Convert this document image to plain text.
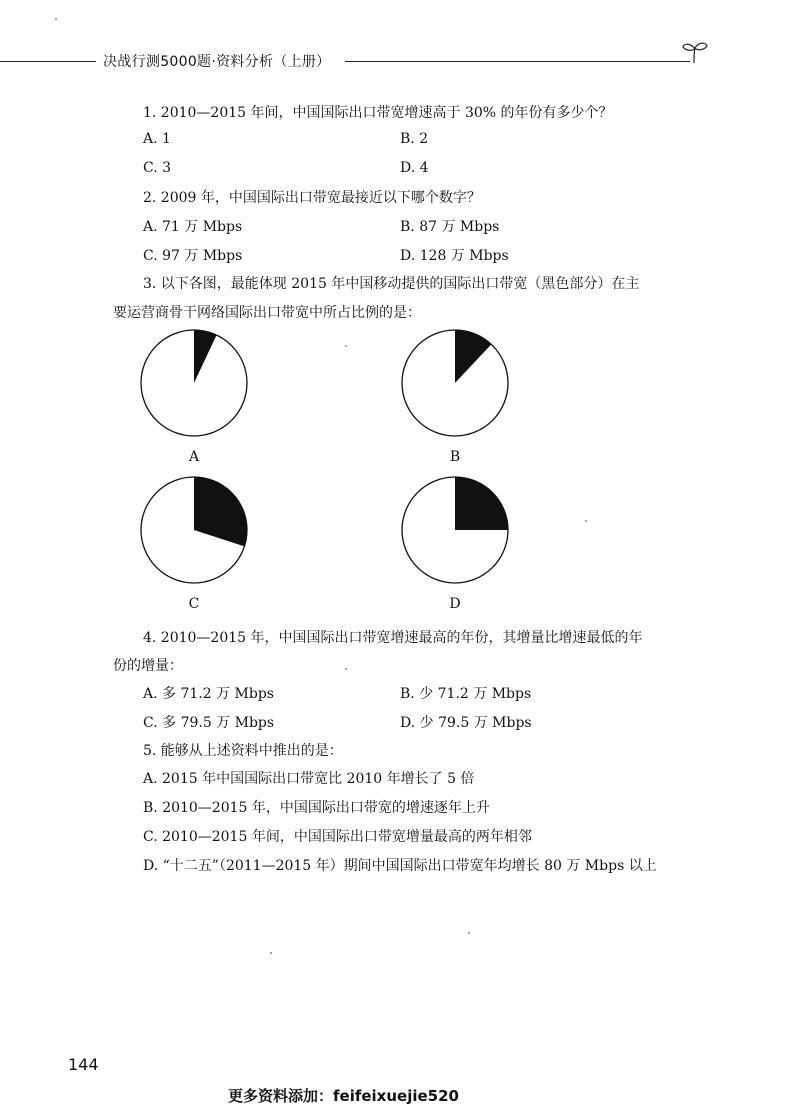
决战行测5000题·资料分析（上册）
1. 2010—2015 年间，中国国际出口带宽增速高于 30% 的年份有多少个？
A. 1	B. 2
C. 3	D. 4
2. 2009 年，中国国际出口带宽最接近以下哪个数字？
A. 71 万 Mbps	B. 87 万 Mbps
C. 97 万 Mbps	D. 128 万 Mbps
3. 以下各图，最能体现 2015 年中国移动提供的国际出口带宽（黑色部分）在主
要运营商骨干网络国际出口带宽中所占比例的是：
A	B
C	D
4. 2010—2015 年，中国国际出口带宽增速最高的年份，其增量比增速最低的年
份的增量：
A. 多 71.2 万 Mbps	B. 少 71.2 万 Mbps
C. 多 79.5 万 Mbps	D. 少 79.5 万 Mbps
5. 能够从上述资料中推出的是：
A. 2015 年中国国际出口带宽比 2010 年增长了 5 倍
B. 2010—2015 年，中国国际出口带宽的增速逐年上升
C. 2010—2015 年间，中国国际出口带宽增量最高的两年相邻
D. “十二五”（2011—2015 年）期间中国国际出口带宽年均增长 80 万 Mbps 以上
144
更多资料添加：feifeixuejie520
